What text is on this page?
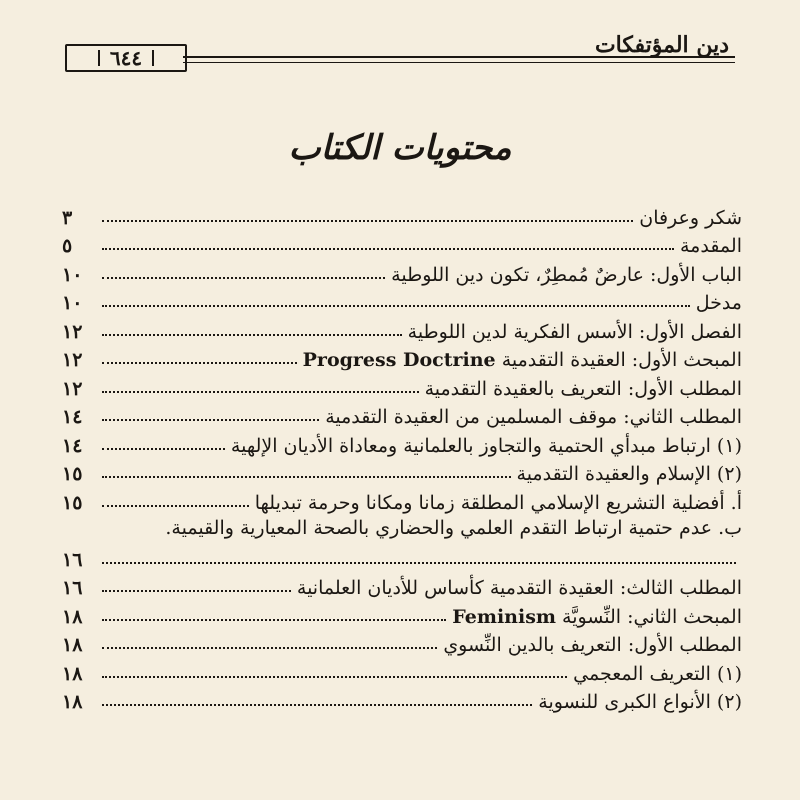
دين المؤتفكات
٦٤٤
محتويات الكتاب
شكر وعرفان
٣
المقدمة
٥
الباب الأول: عارضٌ مُمطِرٌ، تكون دين اللوطية
١٠
مدخل
١٠
الفصل الأول: الأسس الفكرية لدين اللوطية
١٢
المبحث الأول: العقيدة التقدمية Progress Doctrine
١٢
المطلب الأول: التعريف بالعقيدة التقدمية
١٢
المطلب الثاني: موقف المسلمين من العقيدة التقدمية
١٤
(١) ارتباط مبدأي الحتمية والتجاوز بالعلمانية ومعاداة الأديان الإلهية
١٤
(٢) الإسلام والعقيدة التقدمية
١٥
أ. أفضلية التشريع الإسلامي المطلقة زمانا ومكانا وحرمة تبديلها
١٥
ب. عدم حتمية ارتباط التقدم العلمي والحضاري بالصحة المعيارية والقيمية.
١٦
المطلب الثالث: العقيدة التقدمية كأساس للأديان العلمانية
١٦
المبحث الثاني: النِّسويَّة Feminism
١٨
المطلب الأول: التعريف بالدين النِّسوي
١٨
(١) التعريف المعجمي
١٨
(٢) الأنواع الكبرى للنسوية
١٨
